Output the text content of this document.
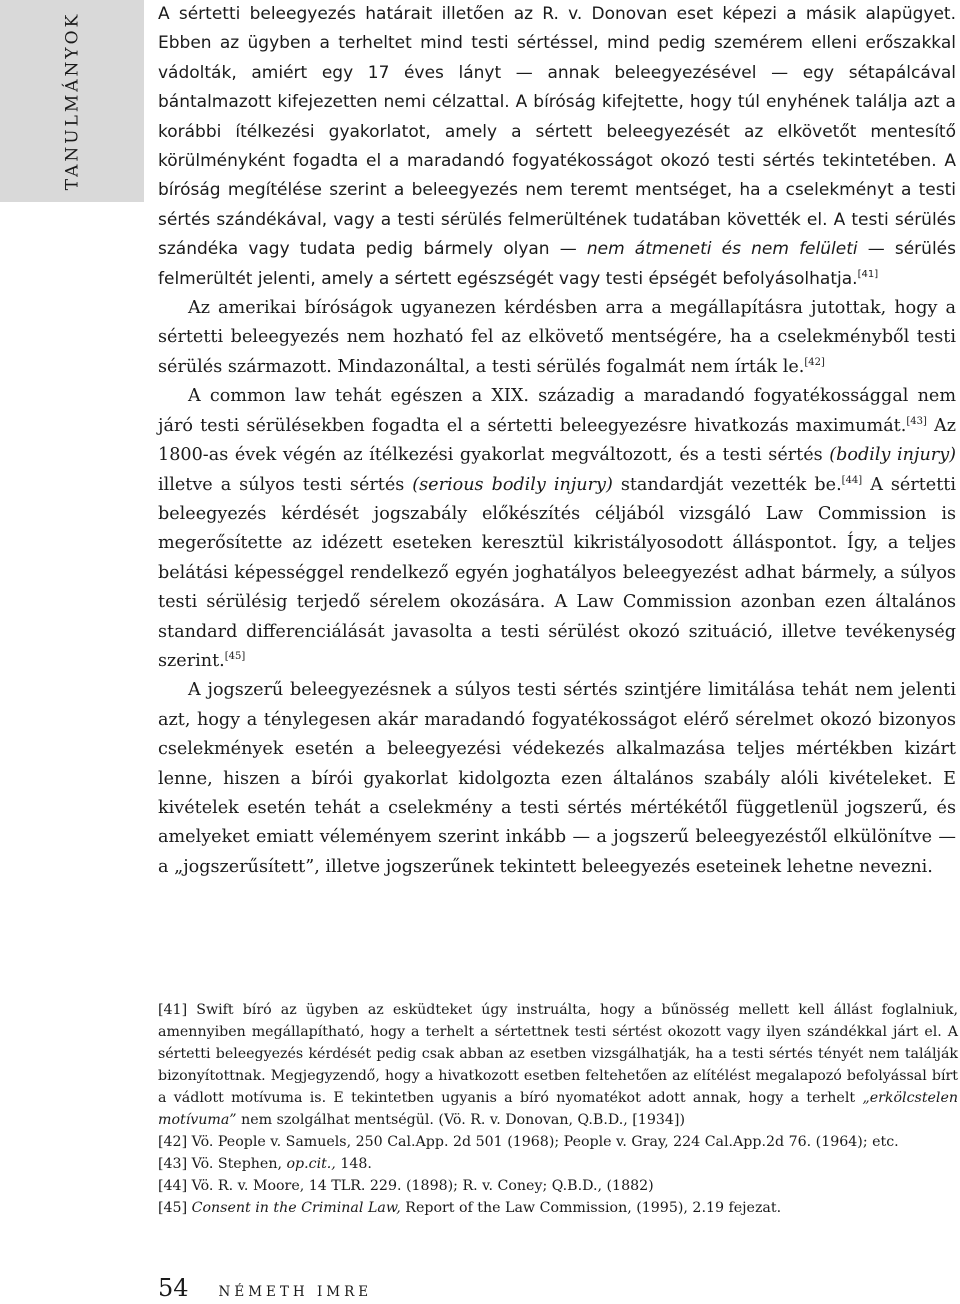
TANULMÁNYOK	A sértetti beleegyezés határait illetően az R. v. Donovan eset képezi a másik alapügyet. Ebben az ügyben a terheltet mind testi sértéssel, mind pedig szemérem elleni erőszakkal vádolták, amiért egy 17 éves lányt — annak beleegyezésével — egy sétapálcával bántalmazott kifejezetten nemi célzattal. A bíróság kifejtette, hogy túl enyhének találja azt a korábbi ítélkezési gyakorlatot, amely a sértett beleegyezését az elkövetőt mentesítő körülményként fogadta el a maradandó fogyatékosságot okozó testi sértés tekintetében. A bíróság megítélése szerint a beleegyezés nem teremt mentséget, ha a cselekményt a testi sértés szándékával, vagy a testi sérülés felmerültének tudatában követték el. A testi sérülés szándéka vagy tudata pedig bármely olyan — nem átmeneti és nem felületi — sérülés felmerültét jelenti, amely a sértett egészségét vagy testi épségét befolyásolhatja.[41]

Az amerikai bíróságok ugyanezen kérdésben arra a megállapításra jutottak, hogy a sértetti beleegyezés nem hozható fel az elkövető mentségére, ha a cselekményből testi sérülés származott. Mindazonáltal, a testi sérülés fogalmát nem írták le.[42]

A common law tehát egészen a XIX. századig a maradandó fogyatékossággal nem járó testi sérülésekben fogadta el a sértetti beleegyezésre hivatkozás maximumát.[43] Az 1800-as évek végén az ítélkezési gyakorlat megváltozott, és a testi sértés (bodily injury) illetve a súlyos testi sértés (serious bodily injury) standardját vezették be.[44] A sértetti beleegyezés kérdését jogszabály előkészítés céljából vizsgáló Law Commission is megerősítette az idézett eseteken keresztül kikristályosodott álláspontot. Így, a teljes belátási képességgel rendelkező egyén joghatályos beleegyezést adhat bármely, a súlyos testi sérülésig terjedő sérelem okozására. A Law Commission azonban ezen általános standard differenciálását javasolta a testi sérülést okozó szituáció, illetve tevékenység szerint.[45]

A jogszerű beleegyezésnek a súlyos testi sértés szintjére limitálása tehát nem jelenti azt, hogy a ténylegesen akár maradandó fogyatékosságot elérő sérelmet okozó bizonyos cselekmények esetén a beleegyezési védekezés alkalmazása teljes mértékben kizárt lenne, hiszen a bírói gyakorlat kidolgozta ezen általános szabály alóli kivételeket. E kivételek esetén tehát a cselekmény a testi sértés mértékétől függetlenül jogszerű, és amelyeket emiatt véleményem szerint inkább — a jogszerű beleegyezéstől elkülönítve — a „jogszerűsített”, illetve jogszerűnek tekintett beleegyezés eseteinek lehetne nevezni.

[41] Swift bíró az ügyben az esküdteket úgy instruálta, hogy a bűnösség mellett kell állást foglalniuk, amennyiben megállapítható, hogy a terhelt a sértettnek testi sértést okozott vagy ilyen szándékkal járt el. A sértetti beleegyezés kérdését pedig csak abban az esetben vizsgálhatják, ha a testi sértés tényét nem találják bizonyítottnak. Megjegyzendő, hogy a hivatkozott esetben feltehetően az elítélést megalapozó befolyással bírt a vádlott motívuma is. E tekintetben ugyanis a bíró nyomatékot adott annak, hogy a terhelt „erkölcstelen motívuma” nem szolgálhat mentségül. (Vö. R. v. Donovan, Q.B.D., [1934])

[42] Vö. People v. Samuels, 250 Cal.App. 2d 501 (1968); People v. Gray, 224 Cal.App.2d 76. (1964); etc.

[43] Vö. Stephen, op.cit., 148.

[44] Vö. R. v. Moore, 14 TLR. 229. (1898); R. v. Coney; Q.B.D., (1882)

[45] Consent in the Criminal Law, Report of the Law Commission, (1995), 2.19 fejezat.

54 NÉMETH IMRE
